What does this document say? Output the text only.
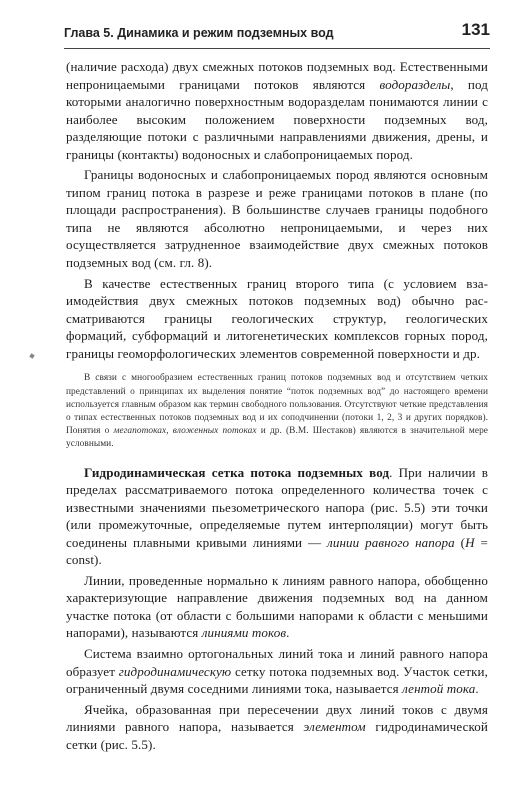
Глава 5. Динамика и режим подземных вод	131

(наличие расхода) двух смежных потоков подземных вод. Естественными непроницаемыми границами потоков являются водоразделы, под которыми аналогично поверхностным водоразделам понимаются линии с наиболее высоким положением поверхности подземных вод, разделяющие потоки с различными направлениями движения, дрены, и границы (контакты) водоносных и слабопроницаемых пород.

Границы водоносных и слабопроницаемых пород являются основным типом границ потока в разрезе и реже границами потоков в плане (по площади распространения). В большинстве случаев границы подобного типа не являются абсолютно непроницаемыми, и через них осуществляется затрудненное взаимодействие двух смежных потоков подземных вод (см. гл. 8).

В качестве естественных границ второго типа (с условием взаимодействия двух смежных потоков подземных вод) обычно рассматриваются границы геологических структур, геологических формаций, субформаций и литогенетических комплексов горных пород, границы геоморфологических элементов современной поверхности и др.

В связи с многообразием естественных границ потоков подземных вод и отсутствием четких представлений о принципах их выделения понятие “поток подземных вод” до настоящего времени используется главным образом как термин свободного пользования. Отсутствуют четкие представления о типах естественных потоков подземных вод и их соподчинении (потоки 1, 2, 3 и других порядков). Понятия о мегапотоках, вложенных потоках и др. (В.М. Шестаков) являются в значительной мере условными.

Гидродинамическая сетка потока подземных вод. При наличии в пределах рассматриваемого потока определенного количества точек с известными значениями пьезометрического напора (рис. 5.5) эти точки (или промежуточные, определяемые путем интерполяции) могут быть соединены плавными кривыми линиями — линии равного напора (H = const).

Линии, проведенные нормально к линиям равного напора, обобщенно характеризующие направление движения подземных вод на данном участке потока (от области с большими напорами к области с меньшими напорами), называются линиями токов.

Система взаимно ортогональных линий тока и линий равного напора образует гидродинамическую сетку потока подземных вод. Участок сетки, ограниченный двумя соседними линиями тока, называется лентой тока.

Ячейка, образованная при пересечении двух линий токов с двумя линиями равного напора, называется элементом гидродинамической сетки (рис. 5.5).
